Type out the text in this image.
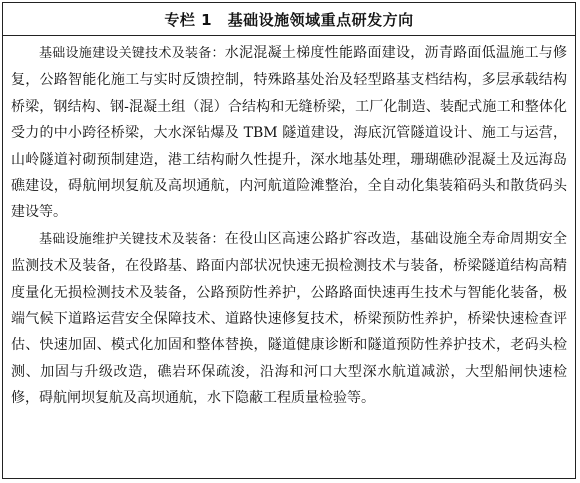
专栏 1　基础设施领域重点研发方向

基础设施建设关键技术及装备：水泥混凝土梯度性能路面建设，沥青路面低温施工与修复，公路智能化施工与实时反馈控制，特殊路基处治及轻型路基支档结构，多层承载结构桥梁，钢结构、钢-混凝土组（混）合结构和无缝桥梁，工厂化制造、装配式施工和整体化受力的中小跨径桥梁，大水深钻爆及 TBM 隧道建设，海底沉管隧道设计、施工与运营，山岭隧道衬砌预制建造，港工结构耐久性提升，深水地基处理，珊瑚礁砂混凝土及远海岛礁建设，碍航闸坝复航及高坝通航，内河航道险滩整治，全自动化集装箱码头和散货码头建设等。

基础设施维护关键技术及装备：在役山区高速公路扩容改造，基础设施全寿命周期安全监测技术及装备，在役路基、路面内部状况快速无损检测技术与装备，桥梁隧道结构高精度量化无损检测技术及装备，公路预防性养护，公路路面快速再生技术与智能化装备，极端气候下道路运营安全保障技术、道路快速修复技术，桥梁预防性养护，桥梁快速检查评估、快速加固、模式化加固和整体替换，隧道健康诊断和隧道预防性养护技术，老码头检测、加固与升级改造，礁岩环保疏浚，沿海和河口大型深水航道减淤，大型船闸快速检修，碍航闸坝复航及高坝通航，水下隐蔽工程质量检验等。
